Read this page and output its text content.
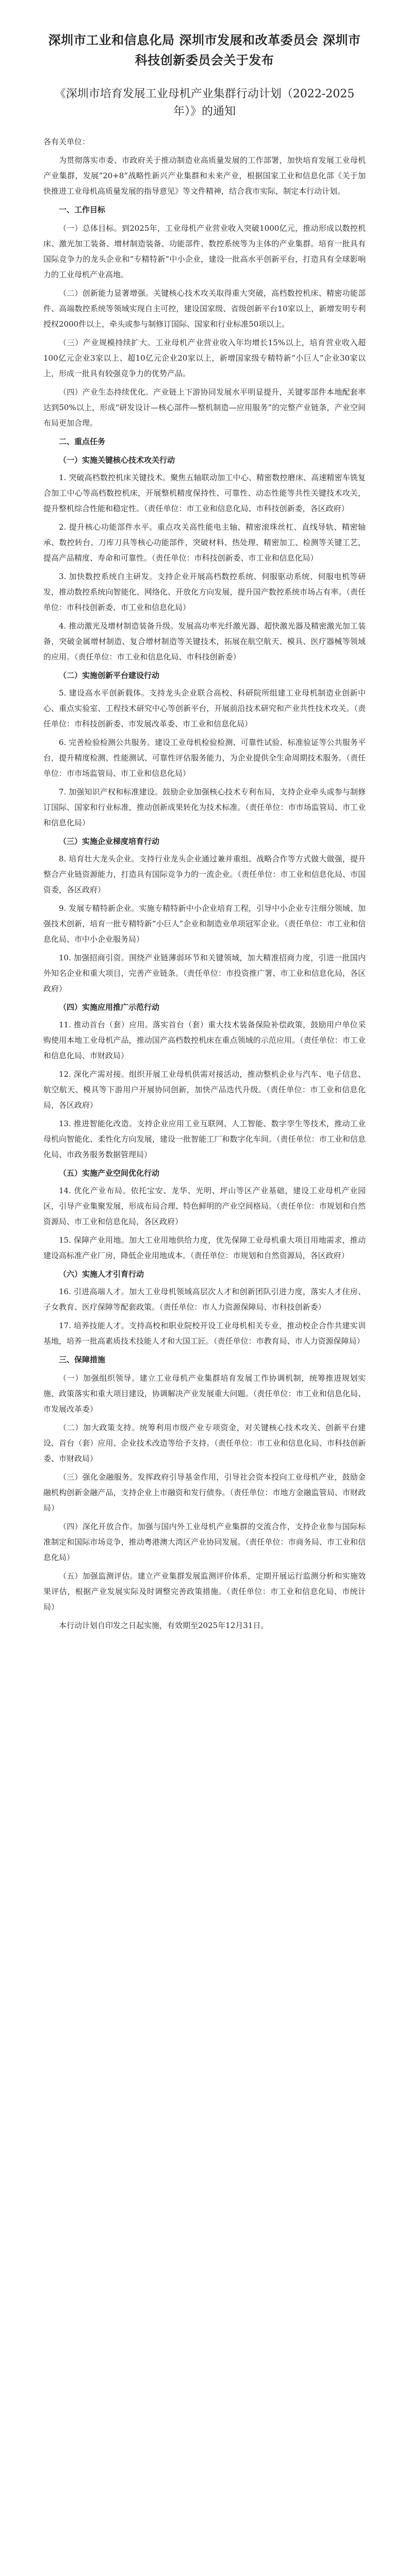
深圳市工业和信息化局 深圳市发展和改革委员会 深圳市科技创新委员会关于发布
《深圳市培育发展工业母机产业集群行动计划（2022-2025年）》的通知

各有关单位：

为贯彻落实市委、市政府关于推动制造业高质量发展的工作部署，加快培育发展工业母机产业集群，发展“20+8”战略性新兴产业集群和未来产业，根据国家工业和信息化部《关于加快推进工业母机高质量发展的指导意见》等文件精神，结合我市实际，制定本行动计划。

一、工作目标

（一）总体目标。到2025年，工业母机产业营业收入突破1000亿元，推动形成以数控机床、激光加工装备、增材制造装备、功能部件、数控系统等为主体的产业集群。培育一批具有国际竞争力的龙头企业和“专精特新”中小企业，建设一批高水平创新平台，打造具有全球影响力的工业母机产业高地。

（二）创新能力显著增强。关键核心技术攻关取得重大突破，高档数控机床、精密功能部件、高端数控系统等领域实现自主可控，建设国家级、省级创新平台10家以上，新增发明专利授权2000件以上，牵头或参与制修订国际、国家和行业标准50项以上。

（三）产业规模持续扩大。工业母机产业营业收入年均增长15%以上，培育营业收入超100亿元企业3家以上、超10亿元企业20家以上，新增国家级专精特新“小巨人”企业30家以上，形成一批具有较强竞争力的优势产品。

（四）产业生态持续优化。产业链上下游协同发展水平明显提升，关键零部件本地配套率达到50%以上，形成“研发设计—核心部件—整机制造—应用服务”的完整产业链条，产业空间布局更加合理。

二、重点任务

（一）实施关键核心技术攻关行动

1. 突破高档数控机床关键技术。聚焦五轴联动加工中心、精密数控磨床、高速精密车铣复合加工中心等高档数控机床，开展整机精度保持性、可靠性、动态性能等共性关键技术攻关，提升整机综合性能和稳定性。（责任单位：市工业和信息化局、市科技创新委，各区政府）

2. 提升核心功能部件水平。重点攻关高性能电主轴、精密滚珠丝杠、直线导轨、精密轴承、数控转台、刀库刀具等核心功能部件，突破材料、热处理、精密加工、检测等关键工艺，提高产品精度、寿命和可靠性。（责任单位：市科技创新委、市工业和信息化局）

3. 加快数控系统自主研发。支持企业开展高档数控系统、伺服驱动系统、伺服电机等研发，推动数控系统向智能化、网络化、开放化方向发展，提升国产数控系统市场占有率。（责任单位：市科技创新委、市工业和信息化局）

4. 推动激光及增材制造装备升级。发展高功率光纤激光器、超快激光器及精密激光加工装备，突破金属增材制造、复合增材制造等关键技术，拓展在航空航天、模具、医疗器械等领域的应用。（责任单位：市工业和信息化局、市科技创新委）

（二）实施创新平台建设行动

5. 建设高水平创新载体。支持龙头企业联合高校、科研院所组建工业母机制造业创新中心、重点实验室、工程技术研究中心等创新平台，开展前沿技术研究和产业共性技术攻关。（责任单位：市科技创新委、市发展改革委、市工业和信息化局）

6. 完善检验检测公共服务。建设工业母机检验检测、可靠性试验、标准验证等公共服务平台，提升精度检测、性能测试、可靠性评估服务能力，为企业提供全生命周期技术服务。（责任单位：市市场监管局、市工业和信息化局）

7. 加强知识产权和标准建设。鼓励企业加强核心技术专利布局，支持企业牵头或参与制修订国际、国家和行业标准，推动创新成果转化为技术标准。（责任单位：市市场监管局、市工业和信息化局）

（三）实施企业梯度培育行动

8. 培育壮大龙头企业。支持行业龙头企业通过兼并重组、战略合作等方式做大做强，提升整合产业链资源能力，打造具有国际竞争力的一流企业。（责任单位：市工业和信息化局、市国资委，各区政府）

9. 发展专精特新企业。实施专精特新中小企业培育工程，引导中小企业专注细分领域、加强技术创新，培育一批专精特新“小巨人”企业和制造业单项冠军企业。（责任单位：市工业和信息化局、市中小企业服务局）

10. 加强招商引资。围绕产业链薄弱环节和关键领域，加大精准招商力度，引进一批国内外知名企业和重大项目，完善产业链条。（责任单位：市投资推广署、市工业和信息化局，各区政府）

（四）实施应用推广示范行动

11. 推动首台（套）应用。落实首台（套）重大技术装备保险补偿政策，鼓励用户单位采购使用本地工业母机产品，推动国产高档数控机床在重点领域的示范应用。（责任单位：市工业和信息化局、市财政局）

12. 深化产需对接。组织开展工业母机供需对接活动，推动整机企业与汽车、电子信息、航空航天、模具等下游用户开展协同创新，加快产品迭代升级。（责任单位：市工业和信息化局，各区政府）

13. 推进智能化改造。支持企业应用工业互联网、人工智能、数字孪生等技术，推动工业母机向智能化、柔性化方向发展，建设一批智能工厂和数字化车间。（责任单位：市工业和信息化局、市政务服务数据管理局）

（五）实施产业空间优化行动

14. 优化产业布局。依托宝安、龙华、光明、坪山等区产业基础，建设工业母机产业园区，引导产业集聚发展，形成布局合理、特色鲜明的产业空间格局。（责任单位：市规划和自然资源局、市工业和信息化局，各区政府）

15. 保障产业用地。加大工业用地供给力度，优先保障工业母机重大项目用地需求，推动建设高标准产业厂房，降低企业用地成本。（责任单位：市规划和自然资源局，各区政府）

（六）实施人才引育行动

16. 引进高端人才。加大工业母机领域高层次人才和创新团队引进力度，落实人才住房、子女教育、医疗保障等配套政策。（责任单位：市人力资源保障局、市科技创新委）

17. 培养技能人才。支持高校和职业院校开设工业母机相关专业，推动校企合作共建实训基地，培养一批高素质技术技能人才和大国工匠。（责任单位：市教育局、市人力资源保障局）

三、保障措施

（一）加强组织领导。建立工业母机产业集群培育发展工作协调机制，统筹推进规划实施、政策落实和重大项目建设，协调解决产业发展重大问题。（责任单位：市工业和信息化局、市发展改革委）

（二）加大政策支持。统筹利用市级产业专项资金，对关键核心技术攻关、创新平台建设、首台（套）应用、企业技术改造等给予支持。（责任单位：市工业和信息化局、市科技创新委、市财政局）

（三）强化金融服务。发挥政府引导基金作用，引导社会资本投向工业母机产业，鼓励金融机构创新金融产品，支持企业上市融资和发行债券。（责任单位：市地方金融监管局、市财政局）

（四）深化开放合作。加强与国内外工业母机产业集群的交流合作，支持企业参与国际标准制定和国际市场竞争，推动粤港澳大湾区产业协同发展。（责任单位：市商务局、市工业和信息化局）

（五）加强监测评估。建立产业集群发展监测评价体系，定期开展运行监测分析和实施效果评估，根据产业发展实际及时调整完善政策措施。（责任单位：市工业和信息化局、市统计局）

本行动计划自印发之日起实施，有效期至2025年12月31日。
